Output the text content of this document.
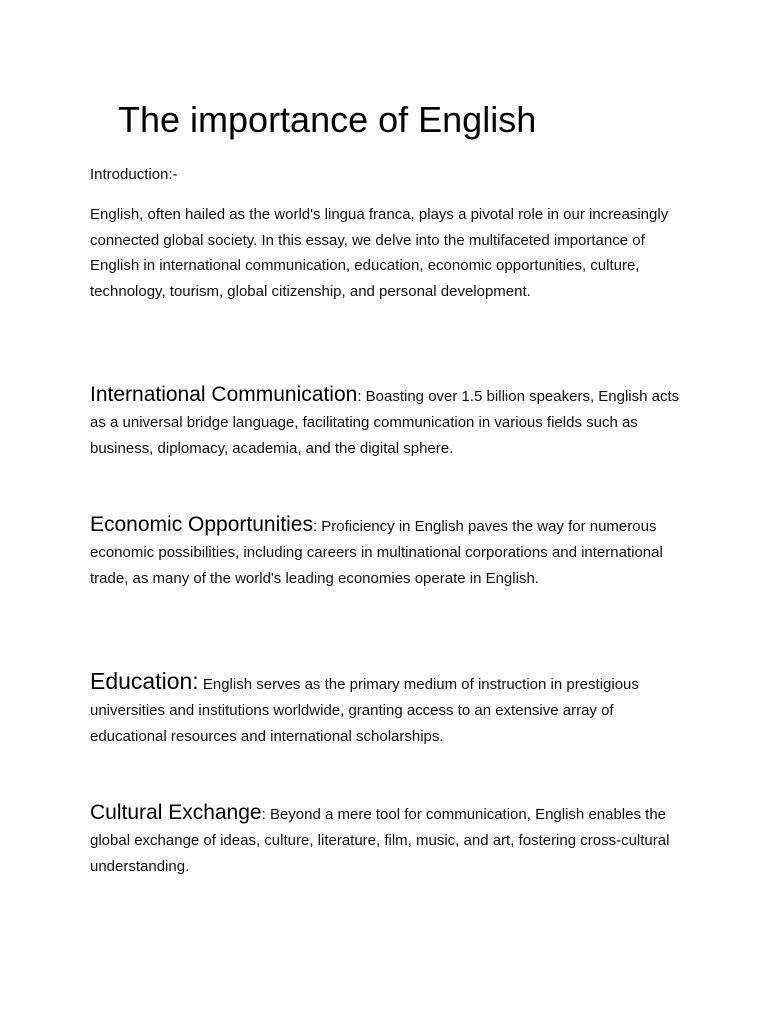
The importance of English

Introduction:-

English, often hailed as the world's lingua franca, plays a pivotal role in our increasingly connected global society. In this essay, we delve into the multifaceted importance of English in international communication, education, economic opportunities, culture, technology, tourism, global citizenship, and personal development.

International Communication: Boasting over 1.5 billion speakers, English acts as a universal bridge language, facilitating communication in various fields such as business, diplomacy, academia, and the digital sphere.

Economic Opportunities: Proficiency in English paves the way for numerous economic possibilities, including careers in multinational corporations and international trade, as many of the world's leading economies operate in English.

Education: English serves as the primary medium of instruction in prestigious universities and institutions worldwide, granting access to an extensive array of educational resources and international scholarships.

Cultural Exchange: Beyond a mere tool for communication, English enables the global exchange of ideas, culture, literature, film, music, and art, fostering cross-cultural understanding.
